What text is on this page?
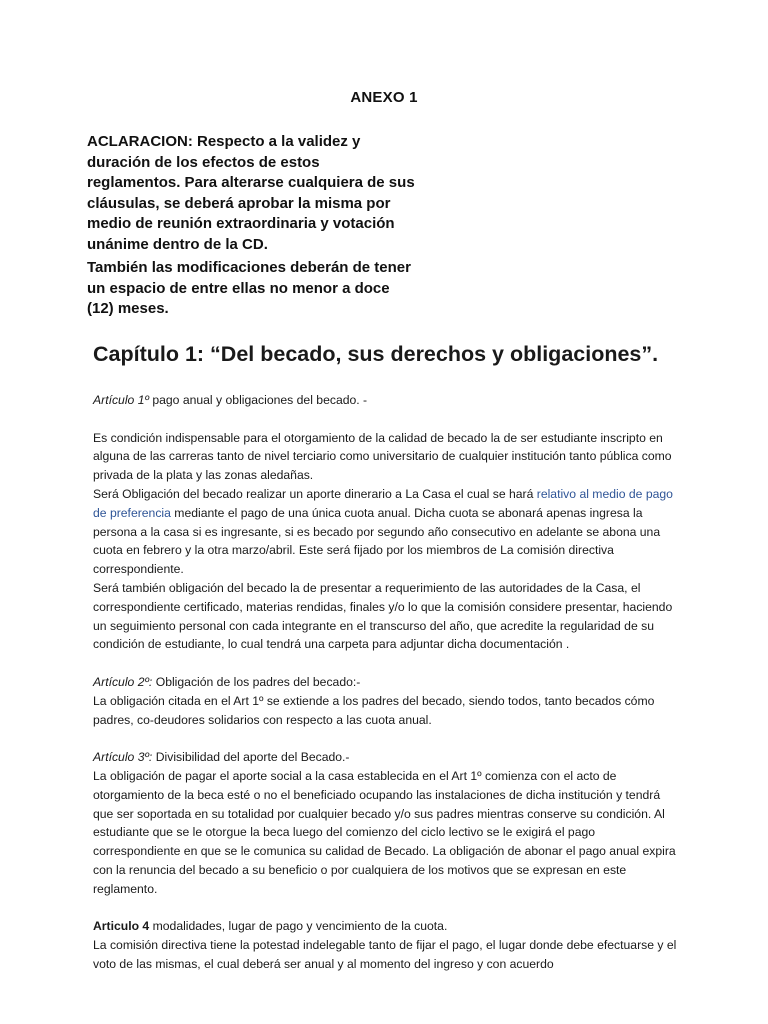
ANEXO 1

ACLARACION: Respecto a la validez y duración de los efectos de estos reglamentos. Para alterarse cualquiera de sus cláusulas, se deberá aprobar la misma por medio de reunión extraordinaria y votación unánime dentro de la CD.

También las modificaciones deberán de tener un espacio de entre ellas no menor a doce (12) meses.

Capítulo 1: “Del becado, sus derechos y obligaciones”.

Artículo 1º pago anual y obligaciones del becado. -

Es condición indispensable para el otorgamiento de la calidad de becado la de ser estudiante inscripto en alguna de las carreras tanto de nivel terciario como universitario de cualquier institución tanto pública como privada de la plata y las zonas aledañas.

Será Obligación del becado realizar un aporte dinerario a La Casa el cual se hará relativo al medio de pago de preferencia mediante el pago de una única cuota anual. Dicha cuota se abonará apenas ingresa la persona a la casa si es ingresante, si es becado por segundo año consecutivo en adelante se abona una cuota en febrero y la otra marzo/abril. Este será fijado por los miembros de La comisión directiva correspondiente.

Será también obligación del becado la de presentar a requerimiento de las autoridades de la Casa, el correspondiente certificado, materias rendidas, finales y/o lo que la comisión considere presentar, haciendo un seguimiento personal con cada integrante en el transcurso del año, que acredite la regularidad de su condición de estudiante, lo cual tendrá una carpeta para adjuntar dicha documentación .

Artículo 2º: Obligación de los padres del becado:-

La obligación citada en el Art 1º se extiende a los padres del becado, siendo todos, tanto becados cómo padres, co-deudores solidarios con respecto a las cuota anual.

Artículo 3º: Divisibilidad del aporte del Becado.-

La obligación de pagar el aporte social a la casa establecida en el Art 1º comienza con el acto de otorgamiento de la beca esté o no el beneficiado ocupando las instalaciones de dicha institución y tendrá que ser soportada en su totalidad por cualquier becado y/o sus padres mientras conserve su condición. Al estudiante que se le otorgue la beca luego del comienzo del ciclo lectivo se le exigirá el pago correspondiente en que se le comunica su calidad de Becado. La obligación de abonar el pago anual expira con la renuncia del becado a su beneficio o por cualquiera de los motivos que se expresan en este reglamento.

Articulo 4 modalidades, lugar de pago y vencimiento de la cuota.

La comisión directiva tiene la potestad indelegable tanto de fijar el pago, el lugar donde debe efectuarse y el voto de las mismas, el cual deberá ser anual y al momento del ingreso y con acuerdo
